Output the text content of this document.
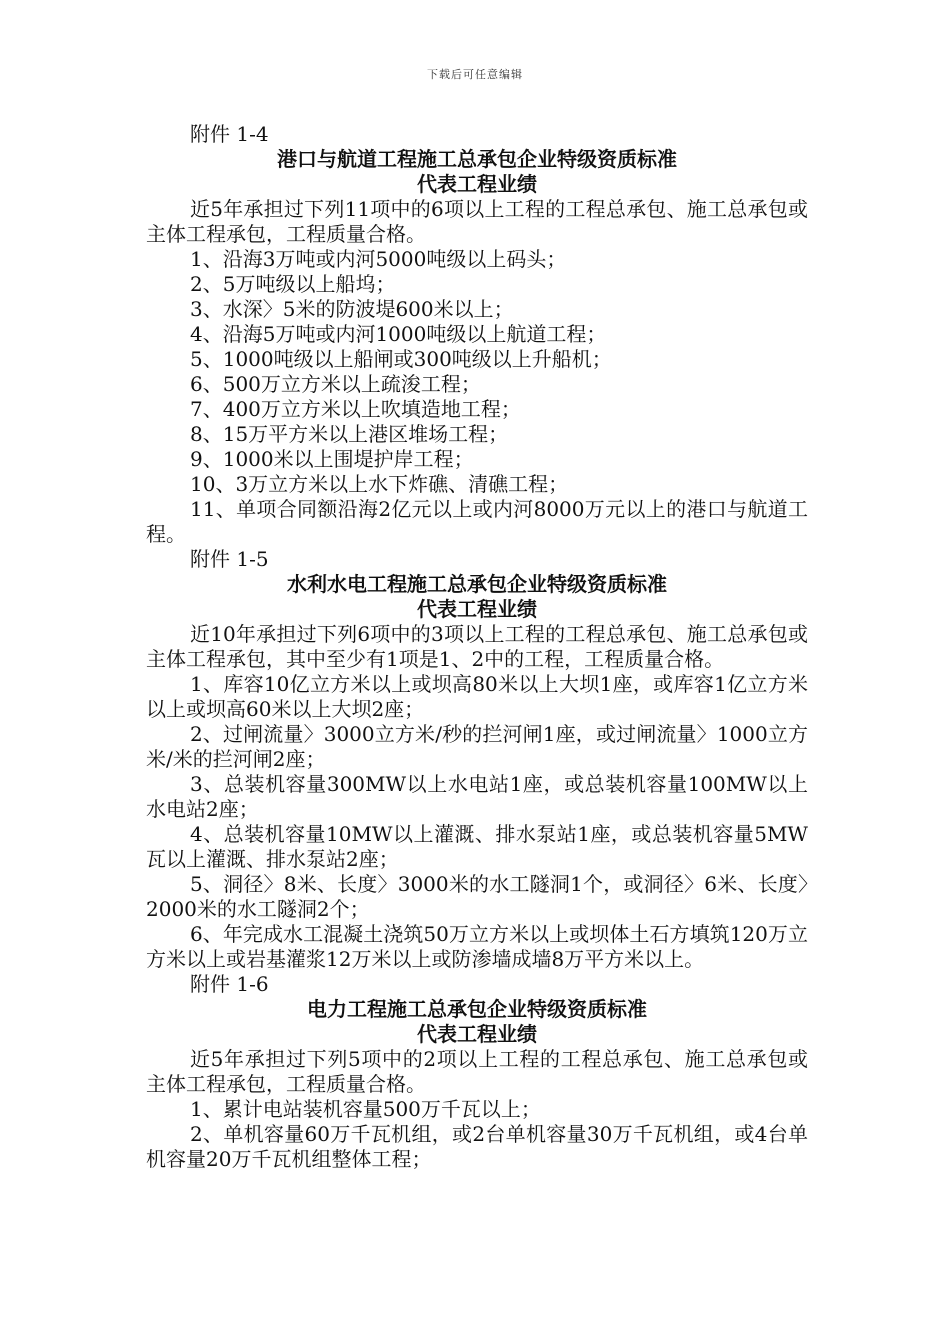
下载后可任意编辑

附件 1-4

港口与航道工程施工总承包企业特级资质标准

代表工程业绩

近5年承担过下列11项中的6项以上工程的工程总承包、施工总承包或主体工程承包，工程质量合格。

1、沿海3万吨或内河5000吨级以上码头；

2、5万吨级以上船坞；

3、水深〉5米的防波堤600米以上；

4、沿海5万吨或内河1000吨级以上航道工程；

5、1000吨级以上船闸或300吨级以上升船机；

6、500万立方米以上疏浚工程；

7、400万立方米以上吹填造地工程；

8、15万平方米以上港区堆场工程；

9、1000米以上围堤护岸工程；

10、3万立方米以上水下炸礁、清礁工程；

11、单项合同额沿海2亿元以上或内河8000万元以上的港口与航道工程。

附件 1-5

水利水电工程施工总承包企业特级资质标准

代表工程业绩

近10年承担过下列6项中的3项以上工程的工程总承包、施工总承包或主体工程承包，其中至少有1项是1、2中的工程，工程质量合格。

1、库容10亿立方米以上或坝高80米以上大坝1座，或库容1亿立方米以上或坝高60米以上大坝2座；

2、过闸流量〉3000立方米/秒的拦河闸1座，或过闸流量〉1000立方米/米的拦河闸2座；

3、总装机容量300MW以上水电站1座，或总装机容量100MW以上水电站2座；

4、总装机容量10MW以上灌溉、排水泵站1座，或总装机容量5MW瓦以上灌溉、排水泵站2座；

5、洞径〉8米、长度〉3000米的水工隧洞1个，或洞径〉6米、长度〉2000米的水工隧洞2个；

6、年完成水工混凝土浇筑50万立方米以上或坝体土石方填筑120万立方米以上或岩基灌浆12万米以上或防渗墙成墙8万平方米以上。

附件 1-6

电力工程施工总承包企业特级资质标准

代表工程业绩

近5年承担过下列5项中的2项以上工程的工程总承包、施工总承包或主体工程承包，工程质量合格。

1、累计电站装机容量500万千瓦以上；

2、单机容量60万千瓦机组，或2台单机容量30万千瓦机组，或4台单机容量20万千瓦机组整体工程；
